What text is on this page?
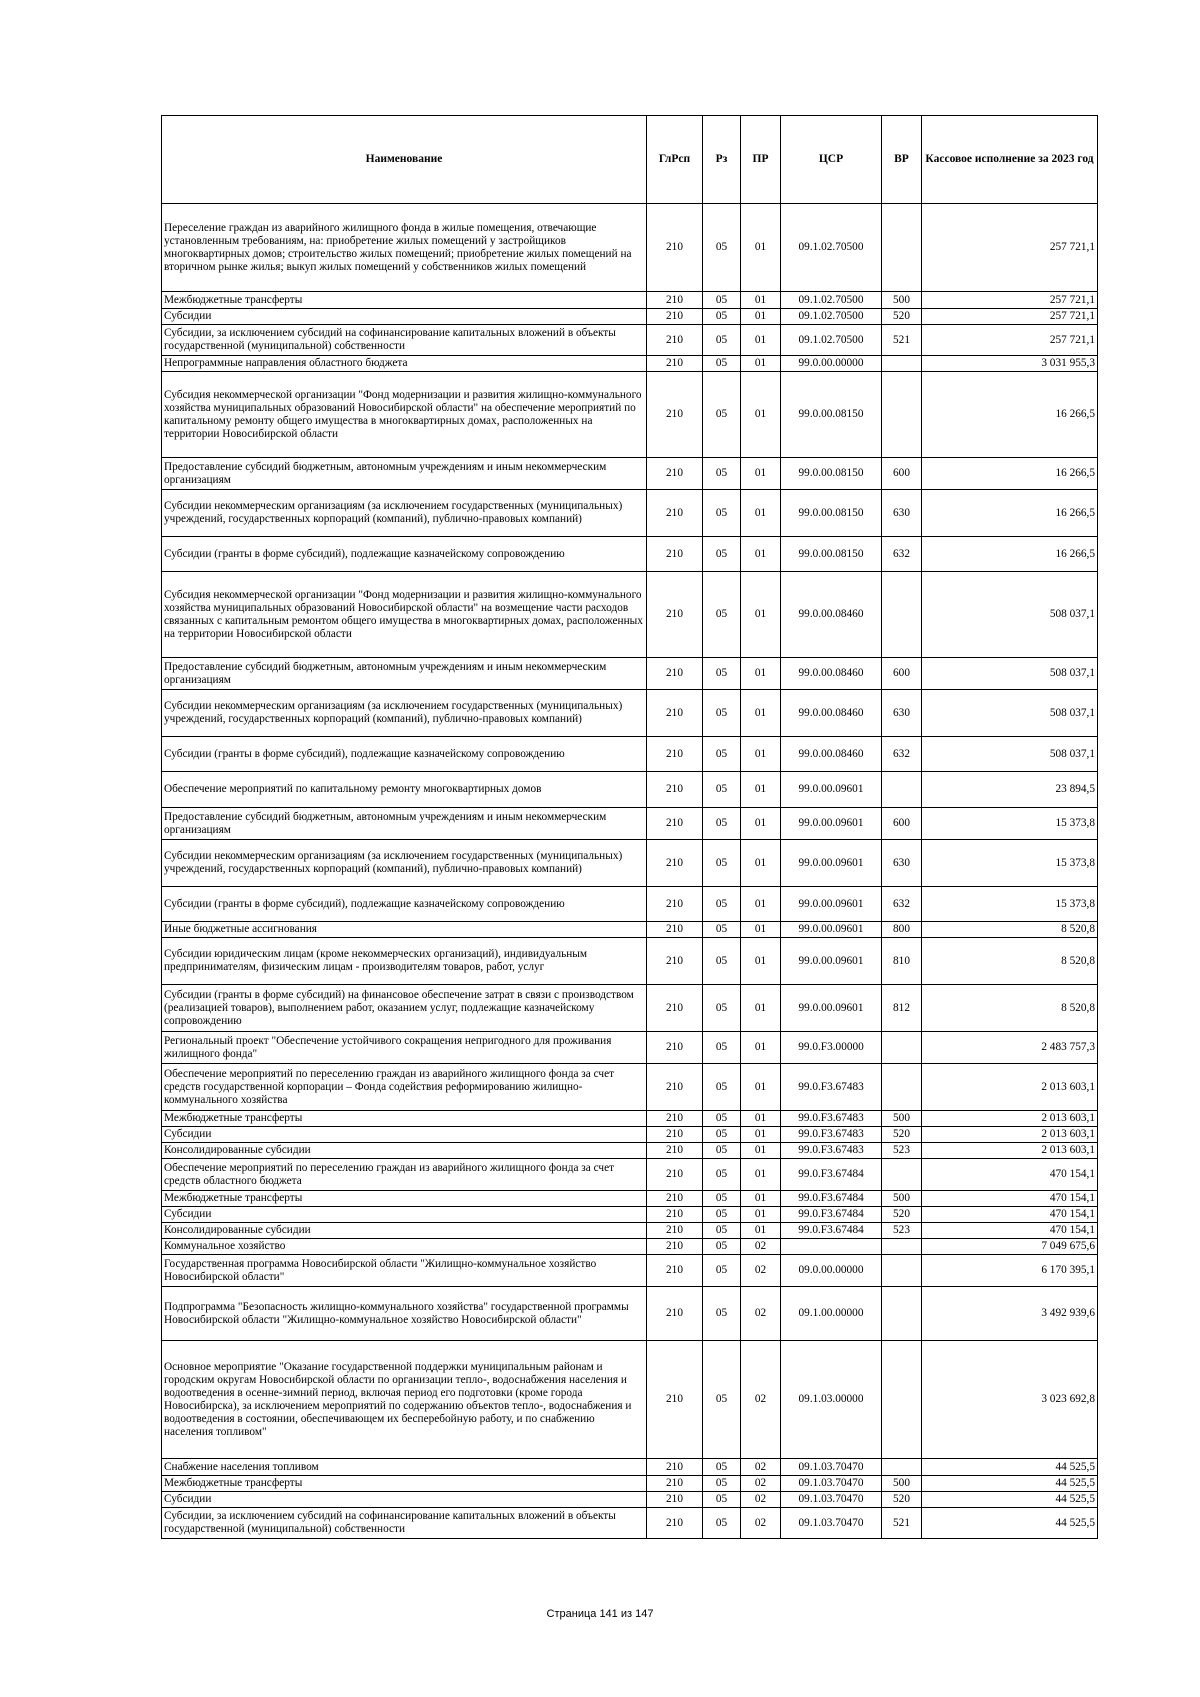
Наименование	ГлРсп	Рз	ПР	ЦСР	ВР	Кассовое исполнение за 2023 год
Переселение граждан из аварийного жилищного фонда в жилые помещения, отвечающие установленным требованиям, на: приобретение жилых помещений у застройщиков многоквартирных домов; строительство жилых помещений; приобретение жилых помещений на вторичном рынке жилья; выкуп жилых помещений у собственников жилых помещений	210	05	01	09.1.02.70500		257 721,1
Межбюджетные трансферты	210	05	01	09.1.02.70500	500	257 721,1
Субсидии	210	05	01	09.1.02.70500	520	257 721,1
Субсидии, за исключением субсидий на софинансирование капитальных вложений в объекты государственной (муниципальной) собственности	210	05	01	09.1.02.70500	521	257 721,1
Непрограммные направления областного бюджета	210	05	01	99.0.00.00000		3 031 955,3
Субсидия некоммерческой организации "Фонд модернизации и развития жилищно-коммунального хозяйства муниципальных образований Новосибирской области" на обеспечение мероприятий по капитальному ремонту общего имущества в многоквартирных домах, расположенных на территории Новосибирской области	210	05	01	99.0.00.08150		16 266,5
Предоставление субсидий бюджетным, автономным учреждениям и иным некоммерческим организациям	210	05	01	99.0.00.08150	600	16 266,5
Субсидии некоммерческим организациям (за исключением государственных (муниципальных) учреждений, государственных корпораций (компаний), публично-правовых компаний)	210	05	01	99.0.00.08150	630	16 266,5
Субсидии (гранты в форме субсидий), подлежащие казначейскому сопровождению	210	05	01	99.0.00.08150	632	16 266,5
Субсидия некоммерческой организации "Фонд модернизации и развития жилищно-коммунального хозяйства муниципальных образований Новосибирской области" на возмещение части расходов связанных с капитальным ремонтом общего имущества в многоквартирных домах, расположенных на территории Новосибирской области	210	05	01	99.0.00.08460		508 037,1
Предоставление субсидий бюджетным, автономным учреждениям и иным некоммерческим организациям	210	05	01	99.0.00.08460	600	508 037,1
Субсидии некоммерческим организациям (за исключением государственных (муниципальных) учреждений, государственных корпораций (компаний), публично-правовых компаний)	210	05	01	99.0.00.08460	630	508 037,1
Субсидии (гранты в форме субсидий), подлежащие казначейскому сопровождению	210	05	01	99.0.00.08460	632	508 037,1
Обеспечение мероприятий по капитальному ремонту многоквартирных домов	210	05	01	99.0.00.09601		23 894,5
Предоставление субсидий бюджетным, автономным учреждениям и иным некоммерческим организациям	210	05	01	99.0.00.09601	600	15 373,8
Субсидии некоммерческим организациям (за исключением государственных (муниципальных) учреждений, государственных корпораций (компаний), публично-правовых компаний)	210	05	01	99.0.00.09601	630	15 373,8
Субсидии (гранты в форме субсидий), подлежащие казначейскому сопровождению	210	05	01	99.0.00.09601	632	15 373,8
Иные бюджетные ассигнования	210	05	01	99.0.00.09601	800	8 520,8
Субсидии юридическим лицам (кроме некоммерческих организаций), индивидуальным предпринимателям, физическим лицам - производителям товаров, работ, услуг	210	05	01	99.0.00.09601	810	8 520,8
Субсидии (гранты в форме субсидий) на финансовое обеспечение затрат в связи с производством (реализацией товаров), выполнением работ, оказанием услуг, подлежащие казначейскому сопровождению	210	05	01	99.0.00.09601	812	8 520,8
Региональный проект "Обеспечение устойчивого сокращения непригодного для проживания жилищного фонда"	210	05	01	99.0.F3.00000		2 483 757,3
Обеспечение мероприятий по переселению граждан из аварийного жилищного фонда за счет средств государственной корпорации – Фонда содействия реформированию жилищно-коммунального хозяйства	210	05	01	99.0.F3.67483		2 013 603,1
Межбюджетные трансферты	210	05	01	99.0.F3.67483	500	2 013 603,1
Субсидии	210	05	01	99.0.F3.67483	520	2 013 603,1
Консолидированные субсидии	210	05	01	99.0.F3.67483	523	2 013 603,1
Обеспечение мероприятий по переселению граждан из аварийного жилищного фонда за счет средств областного бюджета	210	05	01	99.0.F3.67484		470 154,1
Межбюджетные трансферты	210	05	01	99.0.F3.67484	500	470 154,1
Субсидии	210	05	01	99.0.F3.67484	520	470 154,1
Консолидированные субсидии	210	05	01	99.0.F3.67484	523	470 154,1
Коммунальное хозяйство	210	05	02			7 049 675,6
Государственная программа Новосибирской области "Жилищно-коммунальное хозяйство Новосибирской области"	210	05	02	09.0.00.00000		6 170 395,1
Подпрограмма "Безопасность жилищно-коммунального хозяйства" государственной программы Новосибирской области "Жилищно-коммунальное хозяйство Новосибирской области"	210	05	02	09.1.00.00000		3 492 939,6
Основное мероприятие "Оказание государственной поддержки муниципальным районам и городским округам Новосибирской области по организации тепло-, водоснабжения населения и водоотведения в осенне-зимний период, включая период его подготовки (кроме города Новосибирска), за исключением мероприятий по содержанию объектов тепло-, водоснабжения и водоотведения в состоянии, обеспечивающем их бесперебойную работу, и по снабжению населения топливом"	210	05	02	09.1.03.00000		3 023 692,8
Снабжение населения топливом	210	05	02	09.1.03.70470		44 525,5
Межбюджетные трансферты	210	05	02	09.1.03.70470	500	44 525,5
Субсидии	210	05	02	09.1.03.70470	520	44 525,5
Субсидии, за исключением субсидий на софинансирование капитальных вложений в объекты государственной (муниципальной) собственности	210	05	02	09.1.03.70470	521	44 525,5
Страница 141 из 147
